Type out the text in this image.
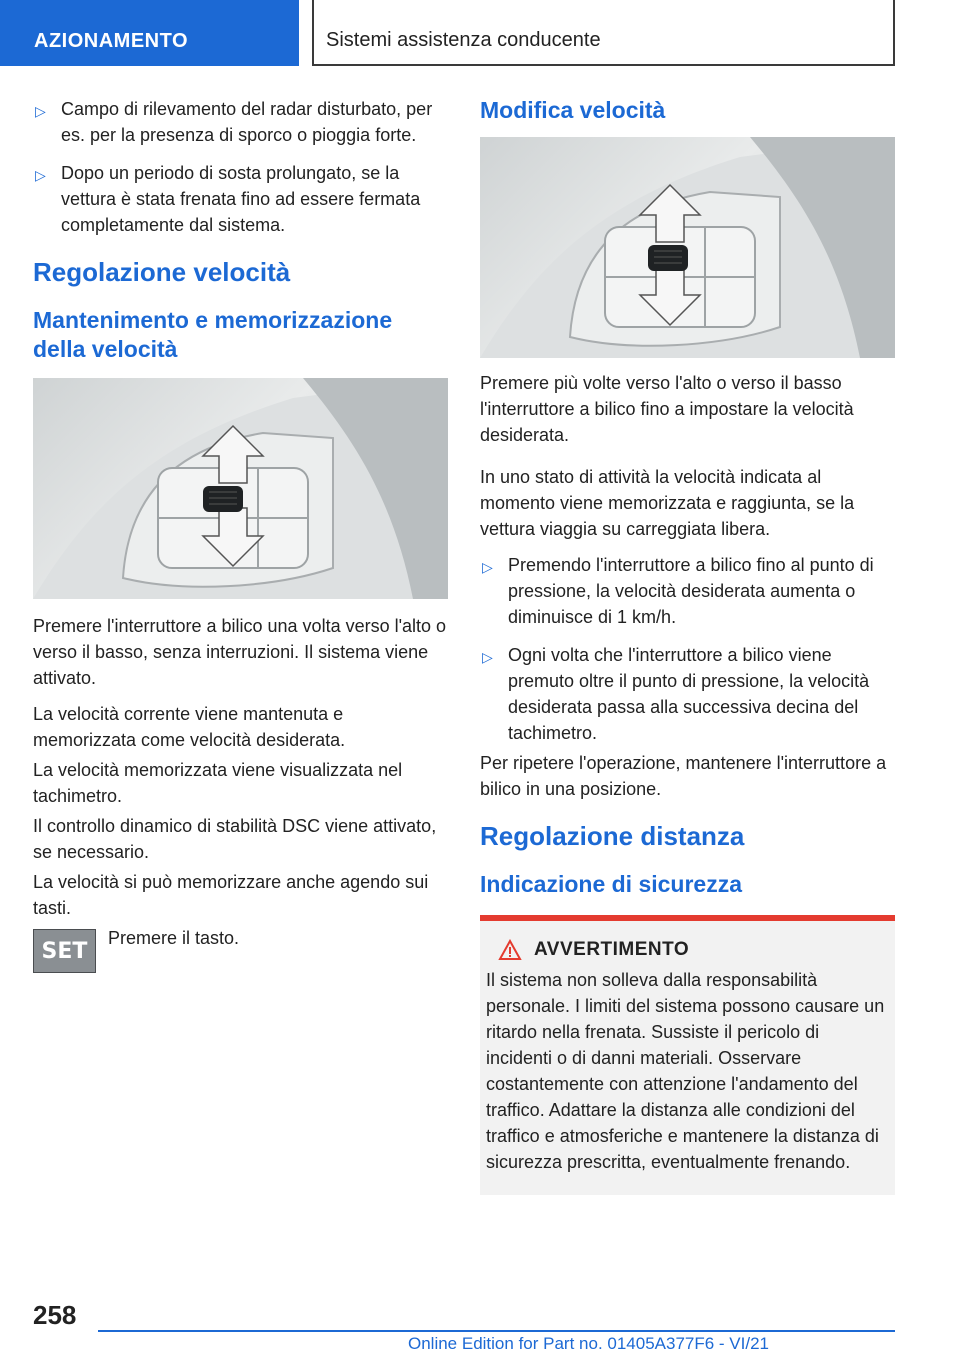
AZIONAMENTO	Sistemi assistenza conducente
▷ Campo di rilevamento del radar disturbato, per es. per la presenza di sporco o pioggia forte.
▷ Dopo un periodo di sosta prolungato, se la vettura è stata frenata fino ad essere fermata completamente dal sistema.
Regolazione velocità
Mantenimento e memorizzazione della velocità

Premere l'interruttore a bilico una volta verso l'alto o verso il basso, senza interruzioni. Il sistema viene attivato.

La velocità corrente viene mantenuta e memorizzata come velocità desiderata.

La velocità memorizzata viene visualizzata nel tachimetro.

Il controllo dinamico di stabilità DSC viene attivato, se necessario.

La velocità si può memorizzare anche agendo sui tasti.

SET

Premere il tasto.

Modifica velocità

Premere più volte verso l'alto o verso il basso l'interruttore a bilico fino a impostare la velocità desiderata.

In uno stato di attività la velocità indicata al momento viene memorizzata e raggiunta, se la vettura viaggia su carreggiata libera.

▷ Premendo l'interruttore a bilico fino al punto di pressione, la velocità desiderata aumenta o diminuisce di 1 km/h.
▷ Ogni volta che l'interruttore a bilico viene premuto oltre il punto di pressione, la velocità desiderata passa alla successiva decina del tachimetro.

Per ripetere l'operazione, mantenere l'interruttore a bilico in una posizione.

Regolazione distanza
Indicazione di sicurezza
AVVERTIMENTO

Il sistema non solleva dalla responsabilità personale. I limiti del sistema possono causare un ritardo nella frenata. Sussiste il pericolo di incidenti o di danni materiali. Osservare costantemente con attenzione l'andamento del traffico. Adattare la distanza alle condizioni del traffico e atmosferiche e mantenere la distanza di sicurezza prescritta, eventualmente frenando.

258
Online Edition for Part no. 01405A377F6 - VI/21
